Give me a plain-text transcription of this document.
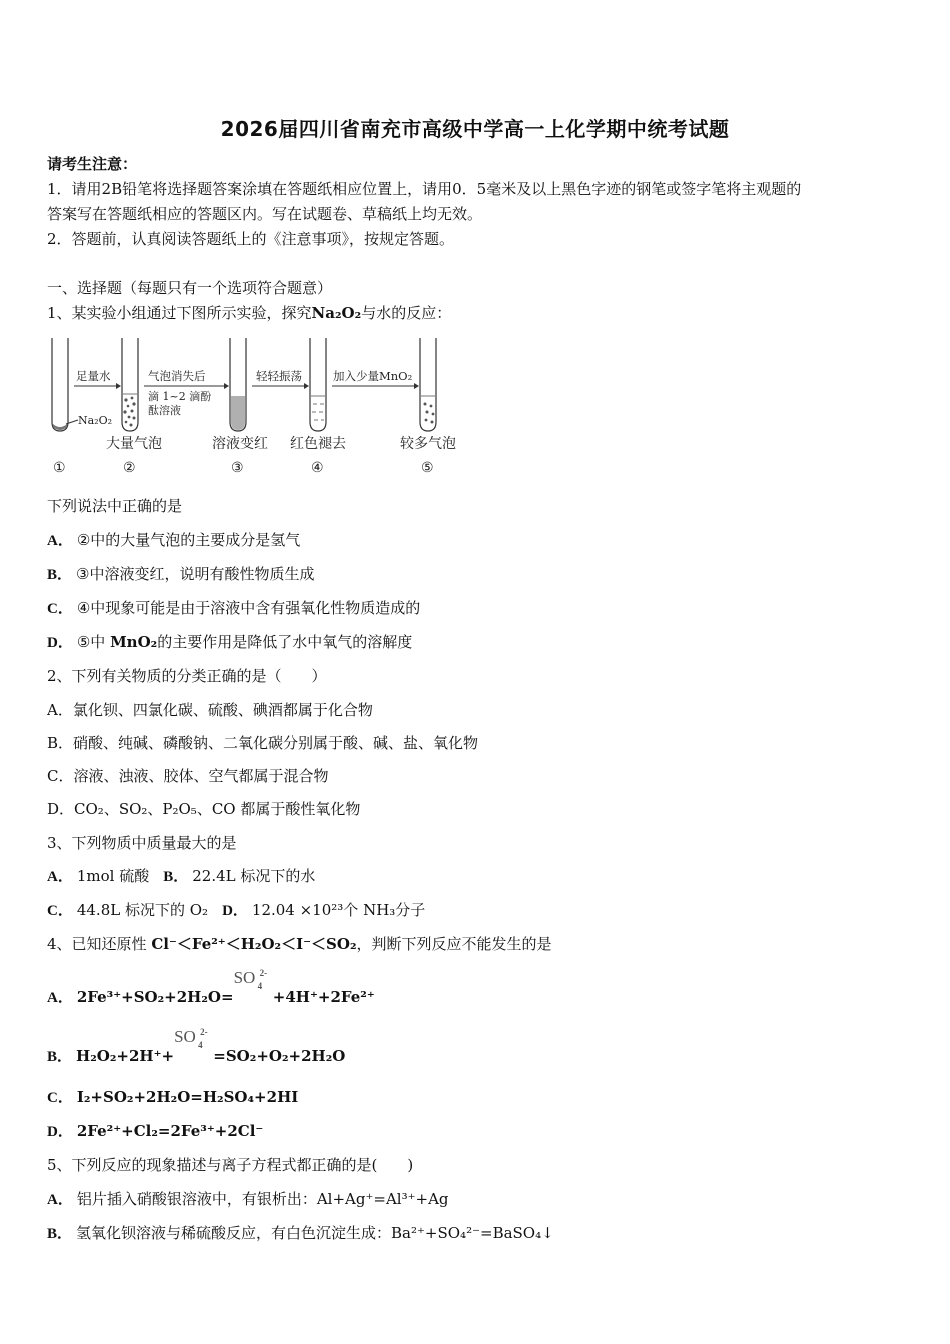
2026届四川省南充市高级中学高一上化学期中统考试题
请考生注意：
1．请用2B铅笔将选择题答案涂填在答题纸相应位置上，请用0．5毫米及以上黑色字迹的钢笔或签字笔将主观题的
答案写在答题纸相应的答题区内。写在试题卷、草稿纸上均无效。
2．答题前，认真阅读答题纸上的《注意事项》，按规定答题。
一、选择题（每题只有一个选项符合题意）
1、某实验小组通过下图所示实验，探究Na₂O₂与水的反应：
足量水	气泡消失后
滴 1~2 滴酚
酞溶液
轻轻振荡	加入少量MnO₂
Na₂O₂
大量气泡	溶液变红 红色褪去	较多气泡
①	②	③	④	⑤
下列说法中正确的是
A． ②中的大量气泡的主要成分是氢气
B． ③中溶液变红，说明有酸性物质生成
C． ④中现象可能是由于溶液中含有强氧化性物质造成的
D． ⑤中 MnO₂的主要作用是降低了水中氧气的溶解度
2、下列有关物质的分类正确的是（　　）
A．氯化钡、四氯化碳、硫酸、碘酒都属于化合物
B．硝酸、纯碱、磷酸钠、二氧化碳分别属于酸、碱、盐、氧化物
C．溶液、浊液、胶体、空气都属于混合物
D．CO₂、SO₂、P₂O₅、CO 都属于酸性氧化物
3、下列物质中质量最大的是
A． 1mol 硫酸 B． 22.4L 标况下的水
C． 44.8L 标况下的 O₂ D． 12.04 ×10²³个 NH₃分子
4、已知还原性 Cl⁻＜Fe²⁺＜H₂O₂＜I⁻＜SO₂，判断下列反应不能发生的是
A． 2Fe³⁺+SO₂+2H₂O=
SO 4
2-
+4H⁺+2Fe²⁺
B． H₂O₂+2H⁺+
SO 4
2-
=SO₂+O₂+2H₂O
C． I₂+SO₂+2H₂O=H₂SO₄+2HI
D． 2Fe²⁺+Cl₂=2Fe³⁺+2Cl⁻
5、下列反应的现象描述与离子方程式都正确的是(　　)
A． 铝片插入硝酸银溶液中，有银析出：Al+Ag⁺=Al³⁺+Ag
B． 氢氧化钡溶液与稀硫酸反应，有白色沉淀生成：Ba²⁺+SO₄²⁻=BaSO₄↓
